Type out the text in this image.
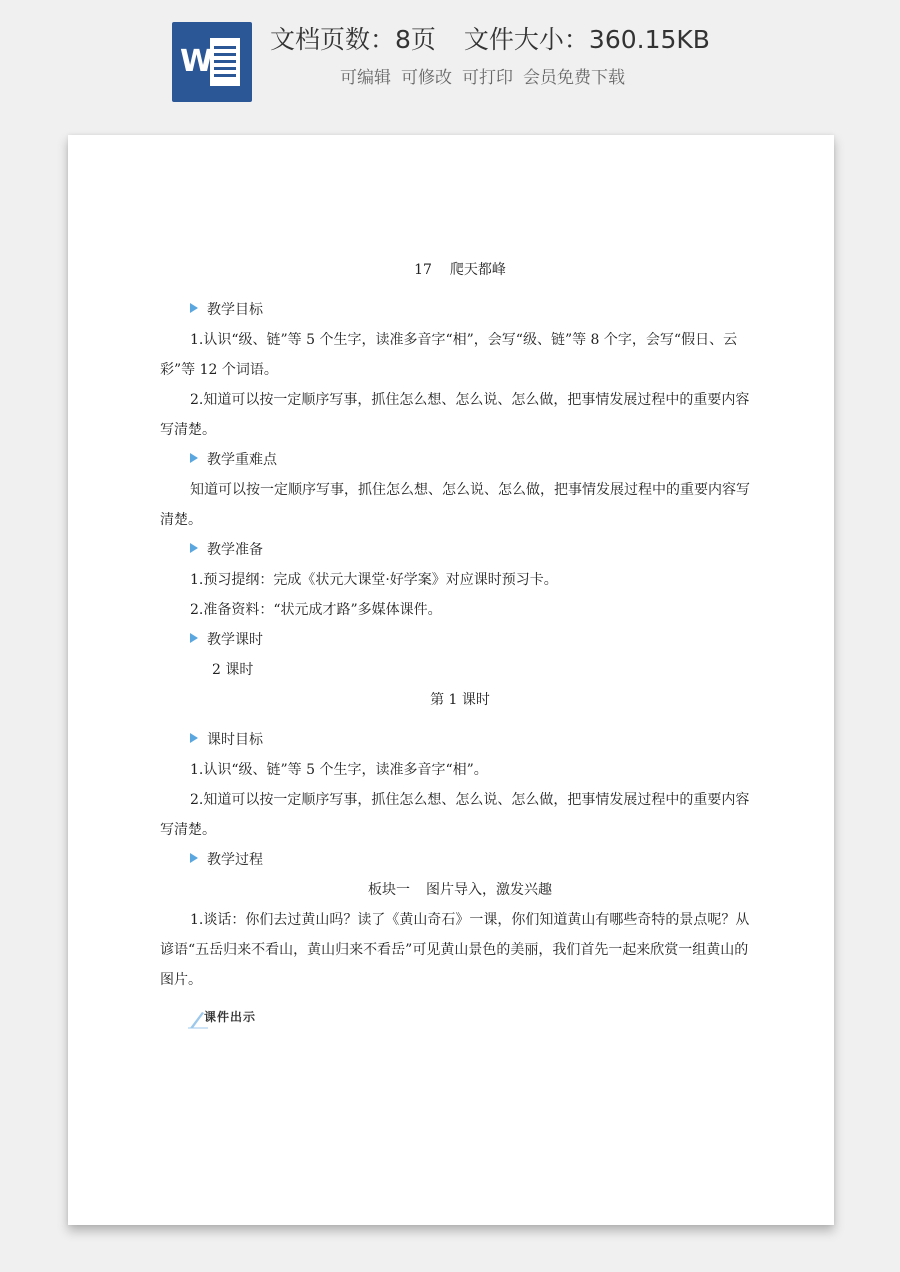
W
文档页数：8页 文件大小：360.15KB
可编辑 可修改 可打印 会员免费下载

17 爬天都峰

教学目标

1.认识“级、链”等 5 个生字，读准多音字“相”，会写“级、链”等 8 个字，会写“假日、云彩”等 12 个词语。

2.知道可以按一定顺序写事，抓住怎么想、怎么说、怎么做，把事情发展过程中的重要内容写清楚。

教学重难点

知道可以按一定顺序写事，抓住怎么想、怎么说、怎么做，把事情发展过程中的重要内容写清楚。

教学准备

1.预习提纲：完成《状元大课堂·好学案》对应课时预习卡。

2.准备资料：“状元成才路”多媒体课件。

教学课时

2 课时

第 1 课时

课时目标

1.认识“级、链”等 5 个生字，读准多音字“相”。

2.知道可以按一定顺序写事，抓住怎么想、怎么说、怎么做，把事情发展过程中的重要内容写清楚。

教学过程

板块一 图片导入，激发兴趣

1.谈话：你们去过黄山吗？读了《黄山奇石》一课，你们知道黄山有哪些奇特的景点呢？从谚语“五岳归来不看山，黄山归来不看岳”可见黄山景色的美丽，我们首先一起来欣赏一组黄山的图片。

课件出示
